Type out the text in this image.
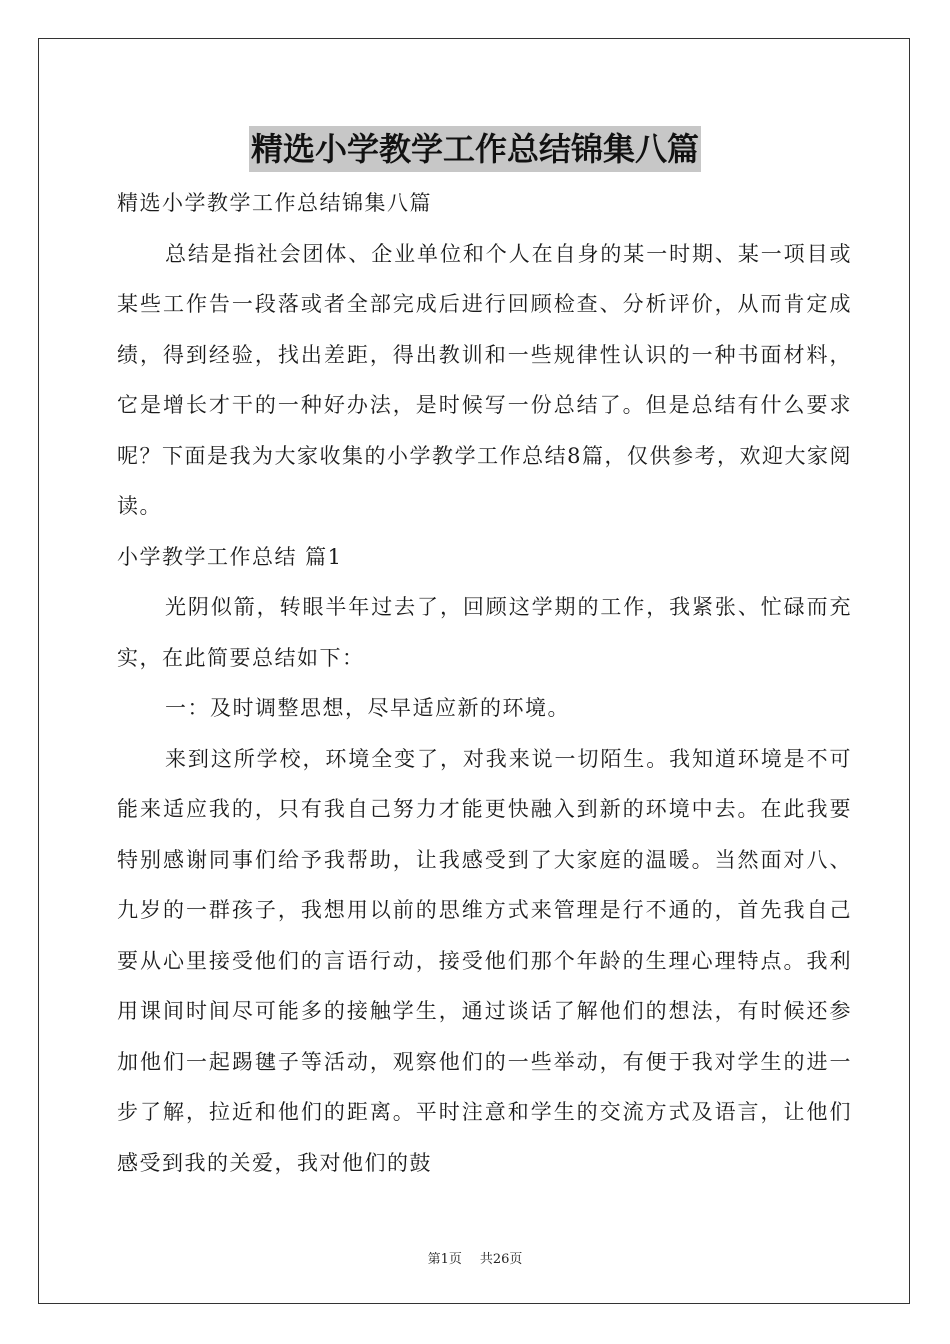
精选小学教学工作总结锦集八篇

精选小学教学工作总结锦集八篇

总结是指社会团体、企业单位和个人在自身的某一时期、某一项目或某些工作告一段落或者全部完成后进行回顾检查、分析评价，从而肯定成绩，得到经验，找出差距，得出教训和一些规律性认识的一种书面材料，它是增长才干的一种好办法，是时候写一份总结了。但是总结有什么要求呢？下面是我为大家收集的小学教学工作总结8篇，仅供参考，欢迎大家阅读。

小学教学工作总结 篇1

光阴似箭，转眼半年过去了，回顾这学期的工作，我紧张、忙碌而充实，在此简要总结如下：

一：及时调整思想，尽早适应新的环境。

来到这所学校，环境全变了，对我来说一切陌生。我知道环境是不可能来适应我的，只有我自己努力才能更快融入到新的环境中去。在此我要特别感谢同事们给予我帮助，让我感受到了大家庭的温暖。当然面对八、九岁的一群孩子，我想用以前的思维方式来管理是行不通的，首先我自己要从心里接受他们的言语行动，接受他们那个年龄的生理心理特点。我利用课间时间尽可能多的接触学生，通过谈话了解他们的想法，有时候还参加他们一起踢毽子等活动，观察他们的一些举动，有便于我对学生的进一步了解，拉近和他们的距离。平时注意和学生的交流方式及语言，让他们感受到我的关爱，我对他们的鼓

第1页 共26页
